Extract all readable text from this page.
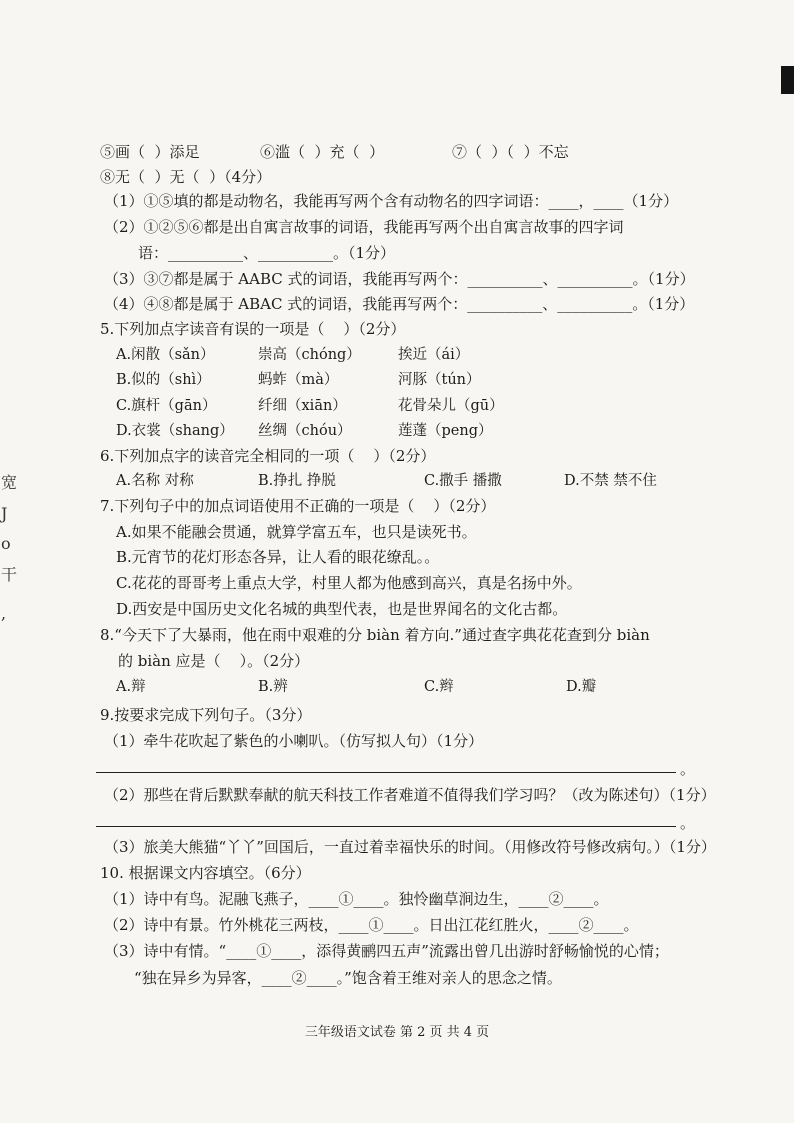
宽
J
o
干
,
⑤画（  ）添足	⑥滥（  ）充（  ）	⑦（  ）（  ）不忘
⑧无（  ）无（  ）（4分）
（1）①⑤填的都是动物名，我能再写两个含有动物名的四字词语：____，____（1分）
（2）①②⑤⑥都是出自寓言故事的词语，我能再写两个出自寓言故事的四字词
语：__________、__________。（1分）
（3）③⑦都是属于 AABC 式的词语，我能再写两个：__________、__________。（1分）
（4）④⑧都是属于 ABAC 式的词语，我能再写两个：__________、__________。（1分）
5.下列加点字读音有误的一项是（    ）（2分）
A.闲散（sǎn）	崇高（chóng）	挨近（ái）
B.似的（shì）	蚂蚱（mà）	河豚（tún）
C.旗杆（gān）	纤细（xiān）	花骨朵儿（gū）
D.衣裳（shang） 丝绸（chóu）	莲蓬（peng）
6.下列加点字的读音完全相同的一项（    ）（2分）
A.名称 对称	B.挣扎 挣脱	C.撒手 播撒	D.不禁 禁不住
7.下列句子中的加点词语使用不正确的一项是（    ）（2分）
A.如果不能融会贯通，就算学富五车，也只是读死书。
B.元宵节的花灯形态各异，让人看的眼花缭乱。。
C.花花的哥哥考上重点大学，村里人都为他感到高兴，真是名扬中外。
D.西安是中国历史文化名城的典型代表，也是世界闻名的文化古都。
8.“今天下了大暴雨，他在雨中艰难的分 biàn 着方向.”通过查字典花花查到分 biàn
的 biàn 应是（    ）。（2分）
A.辩	B.辨	C.辫	D.瓣
9.按要求完成下列句子。（3分）
（1）牵牛花吹起了紫色的小喇叭。（仿写拟人句）（1分）
。
（2）那些在背后默默奉献的航天科技工作者难道不值得我们学习吗？（改为陈述句）（1分）
。
（3）旅美大熊猫“丫丫”回国后，一直过着幸福快乐的时间。（用修改符号修改病句。）（1分）
10. 根据课文内容填空。（6分）
（1）诗中有鸟。泥融飞燕子，____①____。独怜幽草涧边生，____②____。
（2）诗中有景。竹外桃花三两枝，____①____。日出江花红胜火，____②____。
（3）诗中有情。“____①____，添得黄鹂四五声”流露出曾几出游时舒畅愉悦的心情；
“独在异乡为异客，____②____。”饱含着王维对亲人的思念之情。
三年级语文试卷 第 2 页 共 4 页
